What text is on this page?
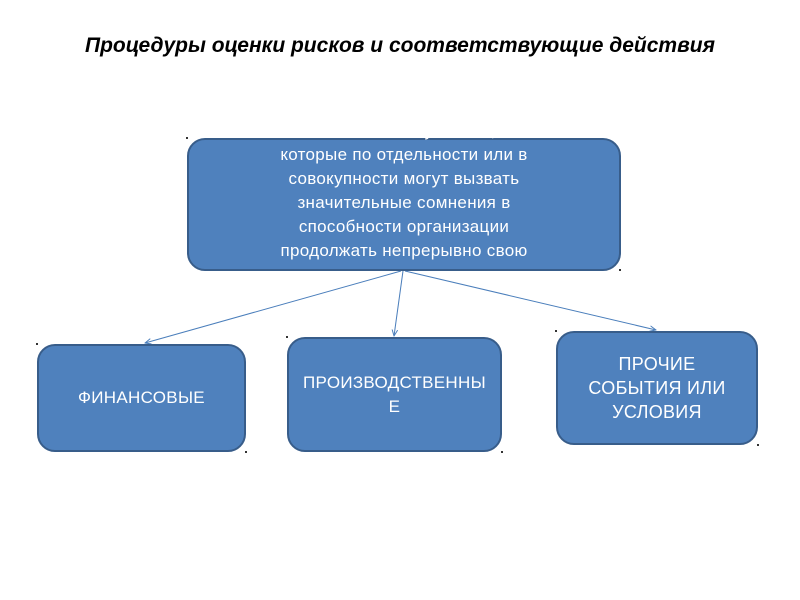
Процедуры оценки рисков и соответствующие действия
События или условия,
которые по отдельности или в
совокупности могут вызвать
значительные сомнения в
способности организации
продолжать непрерывно свою
ФИНАНСОВЫЕ
ПРОИЗВОДСТВЕННЫЕ
ПРОЧИЕ
СОБЫТИЯ ИЛИ
УСЛОВИЯ
